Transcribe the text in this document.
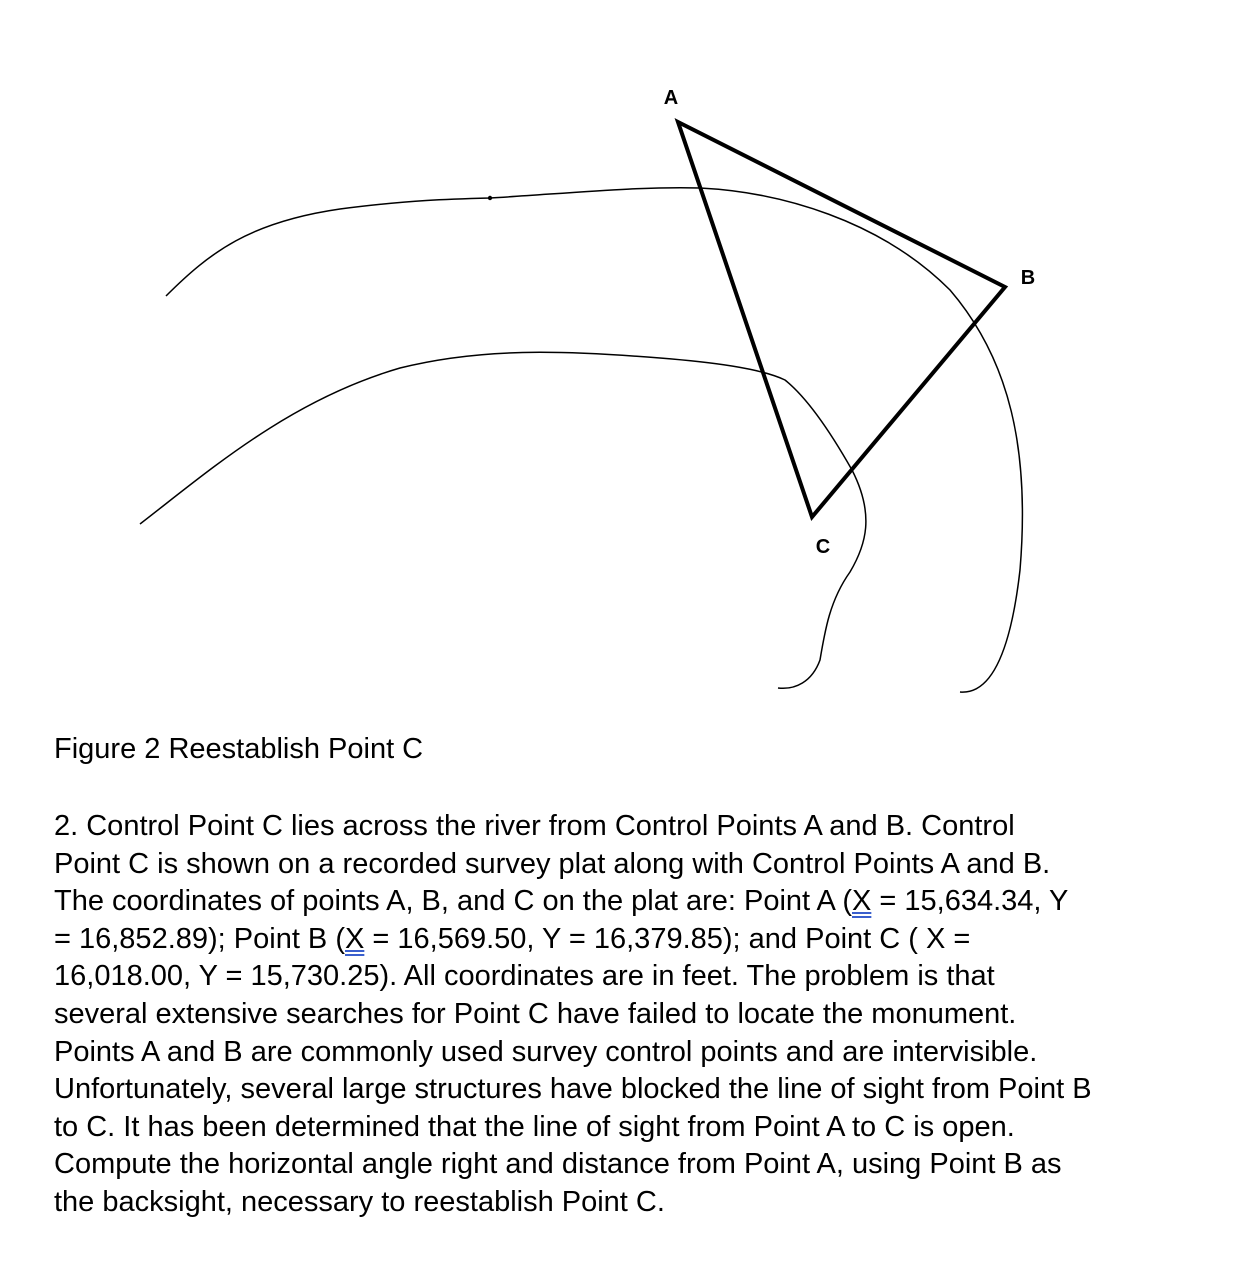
A
B
C

Figure 2 Reestablish Point C

2. Control Point C lies across the river from Control Points A and B. Control
Point C is shown on a recorded survey plat along with Control Points A and B.
The coordinates of points A, B, and C on the plat are: Point A (X = 15,634.34, Y
= 16,852.89); Point B (X = 16,569.50, Y = 16,379.85); and Point C ( X =
16,018.00, Y = 15,730.25). All coordinates are in feet. The problem is that
several extensive searches for Point C have failed to locate the monument.
Points A and B are commonly used survey control points and are intervisible.
Unfortunately, several large structures have blocked the line of sight from Point B
to C. It has been determined that the line of sight from Point A to C is open.
Compute the horizontal angle right and distance from Point A, using Point B as
the backsight, necessary to reestablish Point C.
